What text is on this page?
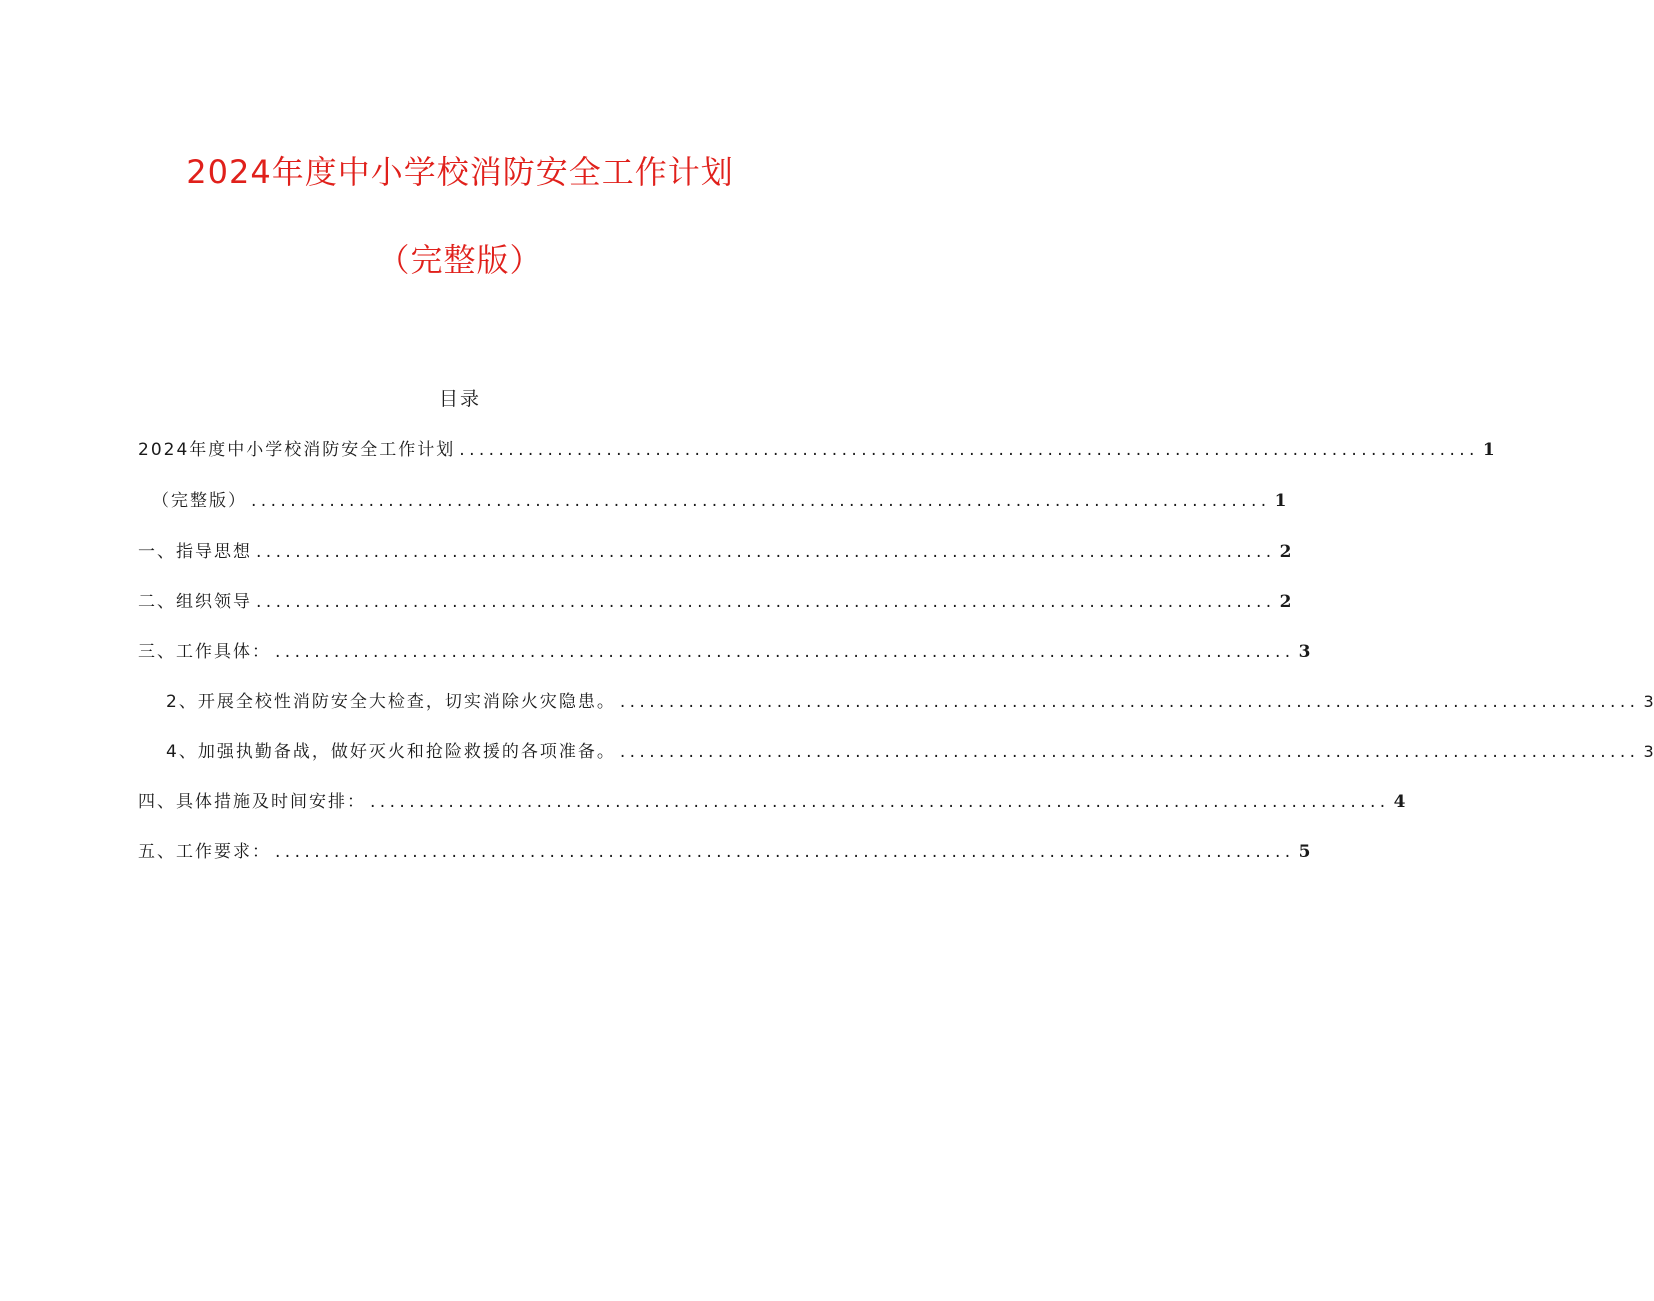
2024年度中小学校消防安全工作计划
（完整版）
目录
2024年度中小学校消防安全工作计划 ........................................................................................................ 1
（完整版） ........................................................................................................ 1
一、指导思想 ........................................................................................................ 2
二、组织领导 ........................................................................................................ 2
三、工作具体： ........................................................................................................ 3
2、开展全校性消防安全大检查，切实消除火灾隐患。 ........................................................................................................ 3
4、加强执勤备战，做好灭火和抢险救援的各项准备。 ........................................................................................................ 3
四、具体措施及时间安排： ........................................................................................................ 4
五、工作要求： ........................................................................................................ 5
